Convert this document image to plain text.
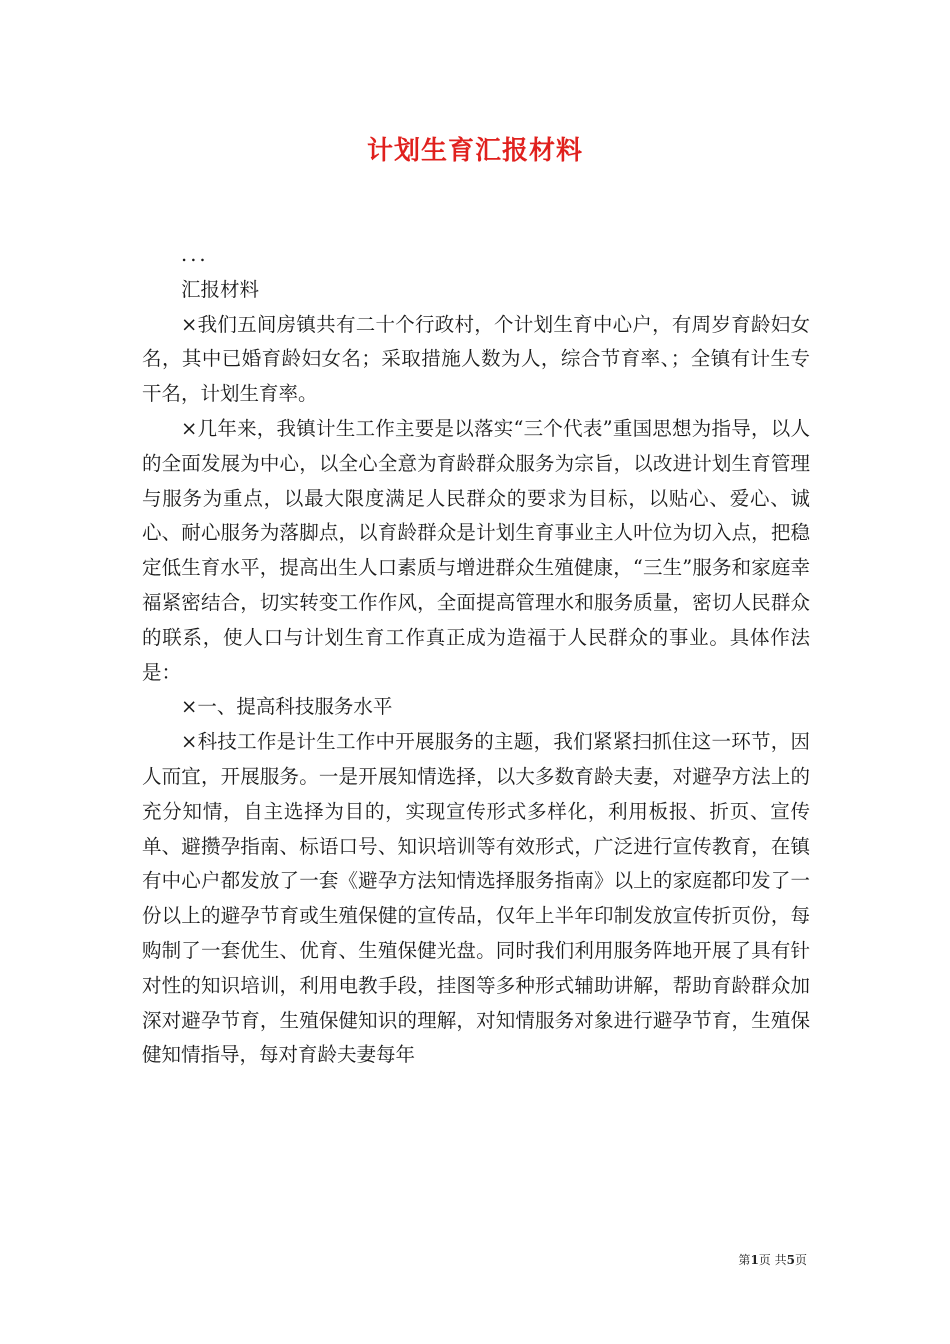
计划生育汇报材料

...

汇报材料

×我们五间房镇共有二十个行政村，个计划生育中心户，有周岁育龄妇女名，其中已婚育龄妇女名；采取措施人数为人，综合节育率、；全镇有计生专干名，计划生育率。

×几年来，我镇计生工作主要是以落实“三个代表”重国思想为指导，以人的全面发展为中心，以全心全意为育龄群众服务为宗旨，以改进计划生育管理与服务为重点，以最大限度满足人民群众的要求为目标，以贴心、爱心、诚心、耐心服务为落脚点，以育龄群众是计划生育事业主人叶位为切入点，把稳定低生育水平，提高出生人口素质与增进群众生殖健康，“三生”服务和家庭幸福紧密结合，切实转变工作作风，全面提高管理水和服务质量，密切人民群众的联系，使人口与计划生育工作真正成为造福于人民群众的事业。具体作法是：

×一、提高科技服务水平

×科技工作是计生工作中开展服务的主题，我们紧紧扫抓住这一环节，因人而宜，开展服务。一是开展知情选择，以大多数育龄夫妻，对避孕方法上的充分知情，自主选择为目的，实现宣传形式多样化，利用板报、折页、宣传单、避攒孕指南、标语口号、知识培训等有效形式，广泛进行宣传教育，在镇有中心户都发放了一套《避孕方法知情选择服务指南》以上的家庭都印发了一份以上的避孕节育或生殖保健的宣传品，仅年上半年印制发放宣传折页份，每购制了一套优生、优育、生殖保健光盘。同时我们利用服务阵地开展了具有针对性的知识培训，利用电教手段，挂图等多种形式辅助讲解，帮助育龄群众加深对避孕节育，生殖保健知识的理解，对知情服务对象进行避孕节育，生殖保健知情指导，每对育龄夫妻每年

第1页 共5页
